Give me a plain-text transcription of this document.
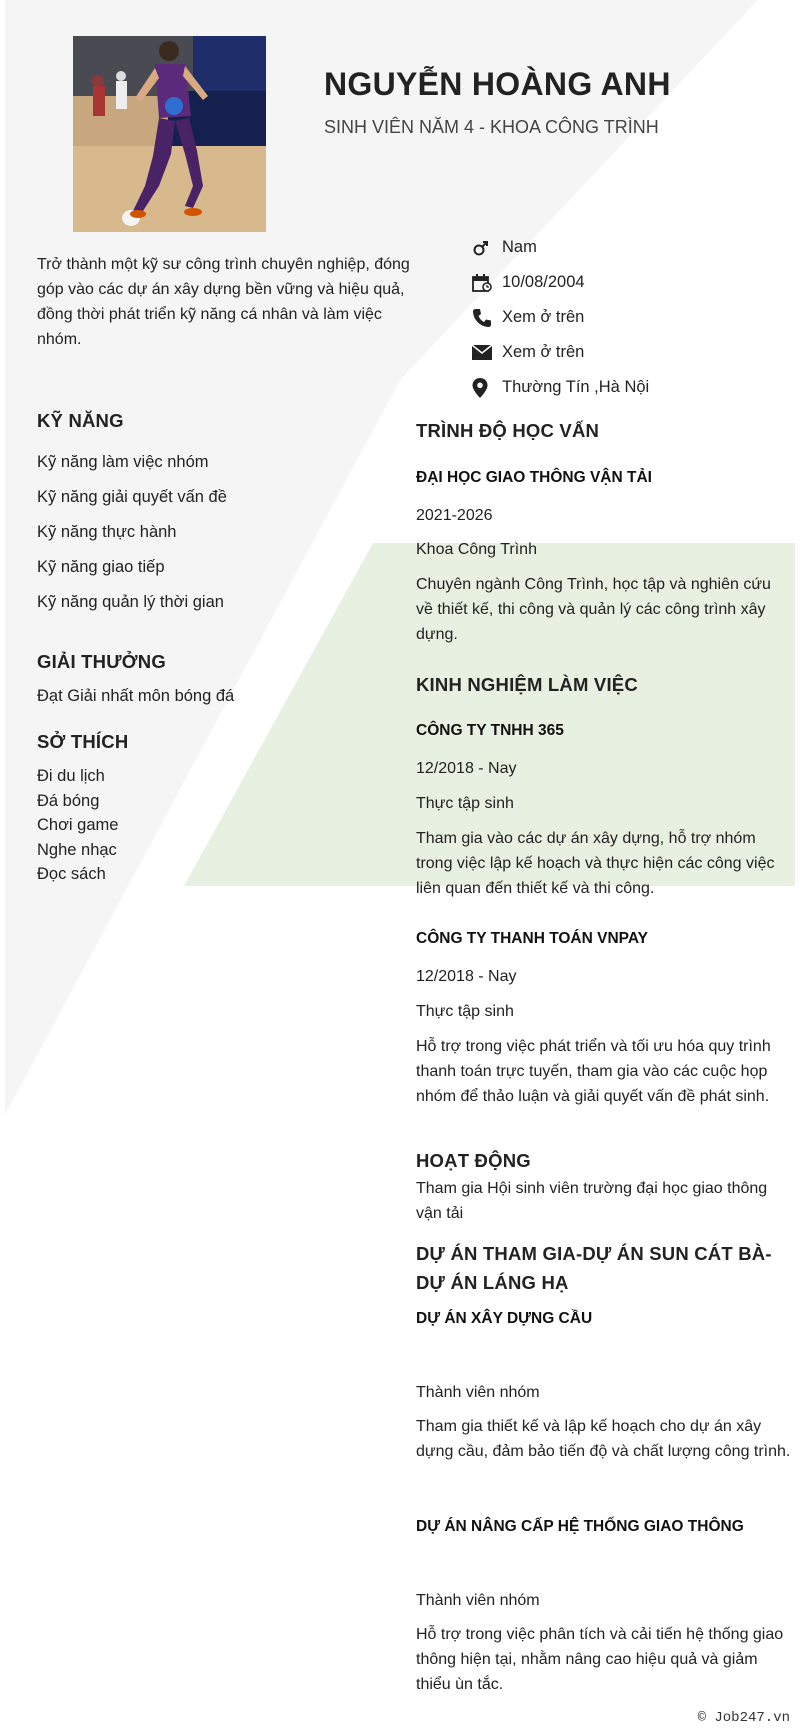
NGUYỄN HOÀNG ANH
SINH VIÊN NĂM 4 - KHOA CÔNG TRÌNH
Trở thành một kỹ sư công trình chuyên nghiệp, đóng góp vào các dự án xây dựng bền vững và hiệu quả, đồng thời phát triển kỹ năng cá nhân và làm việc nhóm.
Nam
10/08/2004
Xem ở trên
Xem ở trên
Thường Tín ,Hà Nội
KỸ NĂNG
Kỹ năng làm việc nhóm
Kỹ năng giải quyết vấn đề
Kỹ năng thực hành
Kỹ năng giao tiếp
Kỹ năng quản lý thời gian
GIẢI THƯỞNG
Đạt Giải nhất môn bóng đá
SỞ THÍCH
Đi du lịch
Đá bóng
Chơi game
Nghe nhạc
Đọc sách
TRÌNH ĐỘ HỌC VẤN
ĐẠI HỌC GIAO THÔNG VẬN TẢI
2021-2026
Khoa Công Trình
Chuyên ngành Công Trình, học tập và nghiên cứu về thiết kế, thi công và quản lý các công trình xây dựng.
KINH NGHIỆM LÀM VIỆC
CÔNG TY TNHH 365
12/2018 - Nay
Thực tập sinh
Tham gia vào các dự án xây dựng, hỗ trợ nhóm trong việc lập kế hoạch và thực hiện các công việc liên quan đến thiết kế và thi công.
CÔNG TY THANH TOÁN VNPAY
12/2018 - Nay
Thực tập sinh
Hỗ trợ trong việc phát triển và tối ưu hóa quy trình thanh toán trực tuyến, tham gia vào các cuộc họp nhóm để thảo luận và giải quyết vấn đề phát sinh.
HOẠT ĐỘNG
Tham gia Hội sinh viên trường đại học giao thông vận tải
DỰ ÁN THAM GIA-DỰ ÁN SUN CÁT BÀ-DỰ ÁN LÁNG HẠ
DỰ ÁN XÂY DỰNG CẦU
Thành viên nhóm
Tham gia thiết kế và lập kế hoạch cho dự án xây dựng cầu, đảm bảo tiến độ và chất lượng công trình.
DỰ ÁN NÂNG CẤP HỆ THỐNG GIAO THÔNG
Thành viên nhóm
Hỗ trợ trong việc phân tích và cải tiến hệ thống giao thông hiện tại, nhằm nâng cao hiệu quả và giảm thiểu ùn tắc.
© Job247.vn
